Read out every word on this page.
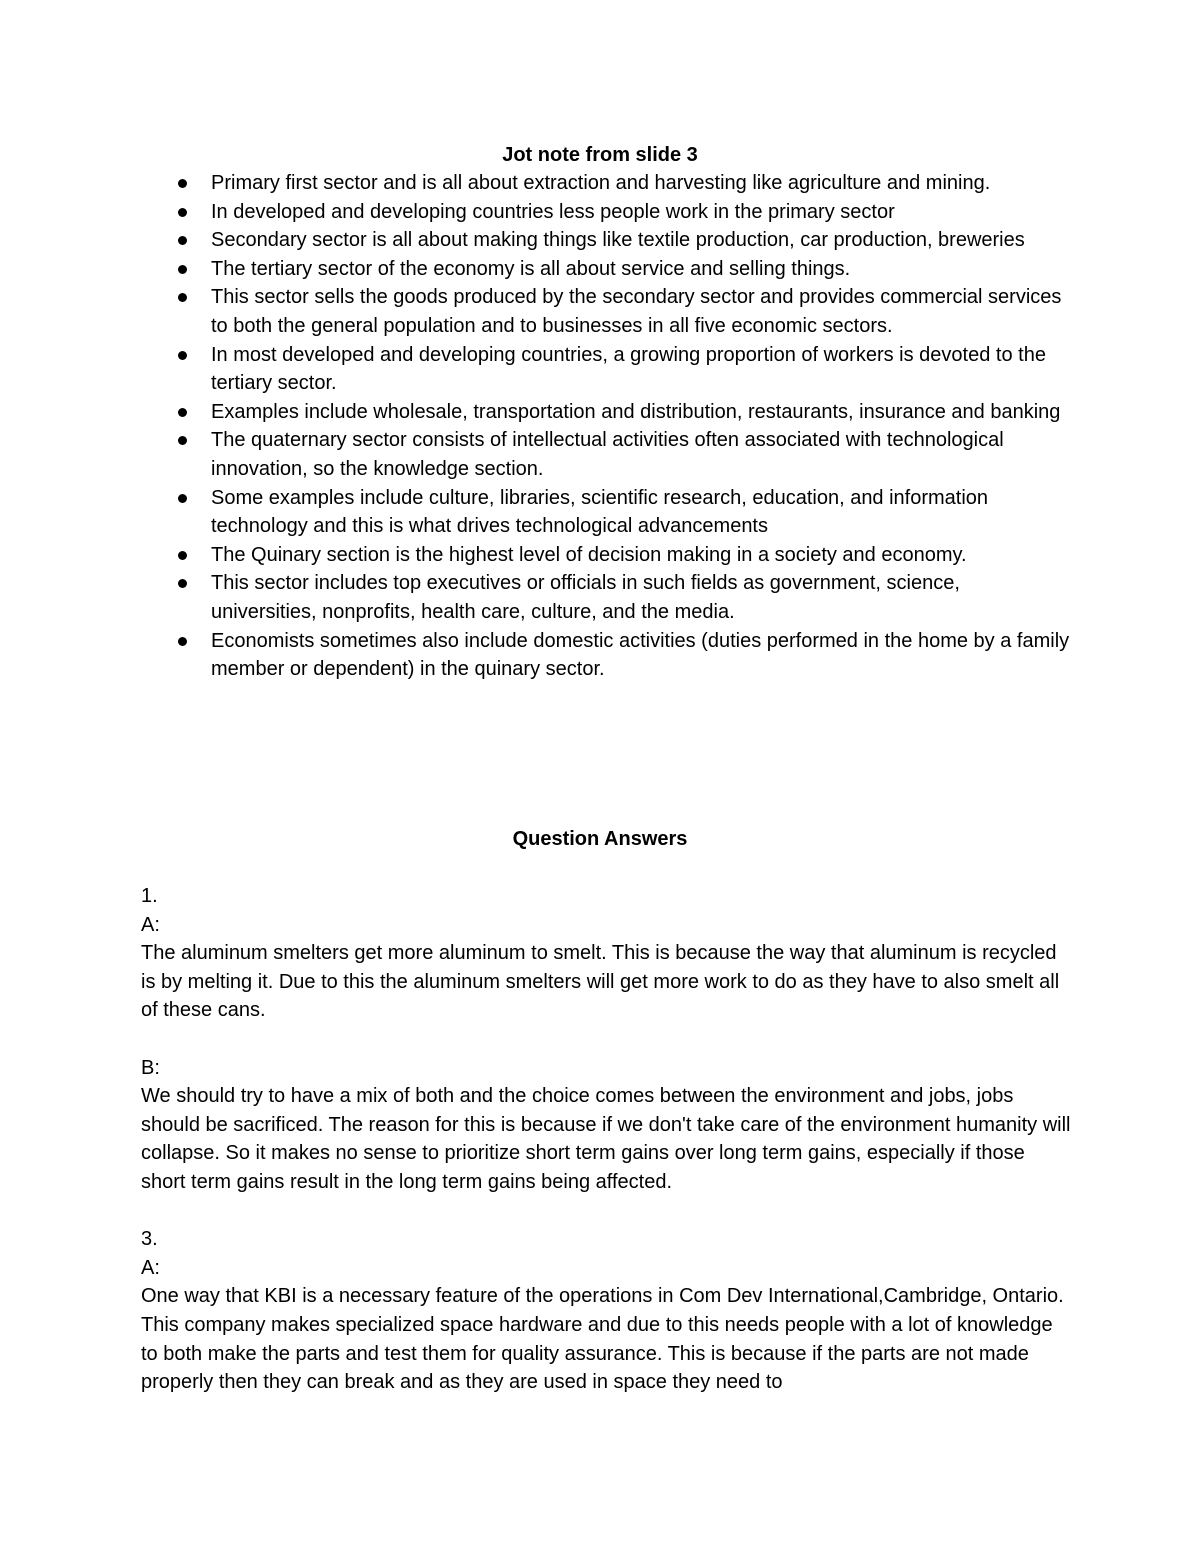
Jot note from slide 3
Primary first sector and is all about extraction and harvesting like agriculture and mining.
In developed and developing countries less people work in the primary sector
Secondary sector is all about making things like textile production, car production, breweries
The tertiary sector of the economy is all about service and selling things.
This sector sells the goods produced by the secondary sector and provides commercial services to both the general population and to businesses in all five economic sectors.
In most developed and developing countries, a growing proportion of workers is devoted to the tertiary sector.
Examples include wholesale, transportation and distribution, restaurants, insurance and banking
The quaternary sector consists of intellectual activities often associated with technological innovation, so the knowledge section.
Some examples include culture, libraries, scientific research, education, and information technology and this is what drives technological advancements
The Quinary section is the highest level of decision making in a society and economy.
This sector includes top executives or officials in such fields as government, science, universities, nonprofits, health care, culture, and the media.
Economists sometimes also include domestic activities (duties performed in the home by a family member or dependent) in the quinary sector.
Question Answers

1.

A:

The aluminum smelters get more aluminum to smelt. This is because the way that aluminum is recycled is by melting it. Due to this the aluminum smelters will get more work to do as they have to also smelt all of these cans.

B:

We should try to have a mix of both and the choice comes between the environment and jobs, jobs should be sacrificed. The reason for this is because if we don't take care of the environment humanity will collapse. So it makes no sense to prioritize short term gains over long term gains, especially if those short term gains result in the long term gains being affected.

3.

A:

One way that KBI is a necessary feature of the operations in Com Dev International,Cambridge, Ontario. This company makes specialized space hardware and due to this needs people with a lot of knowledge to both make the parts and test them for quality assurance. This is because if the parts are not made properly then they can break and as they are used in space they need to
